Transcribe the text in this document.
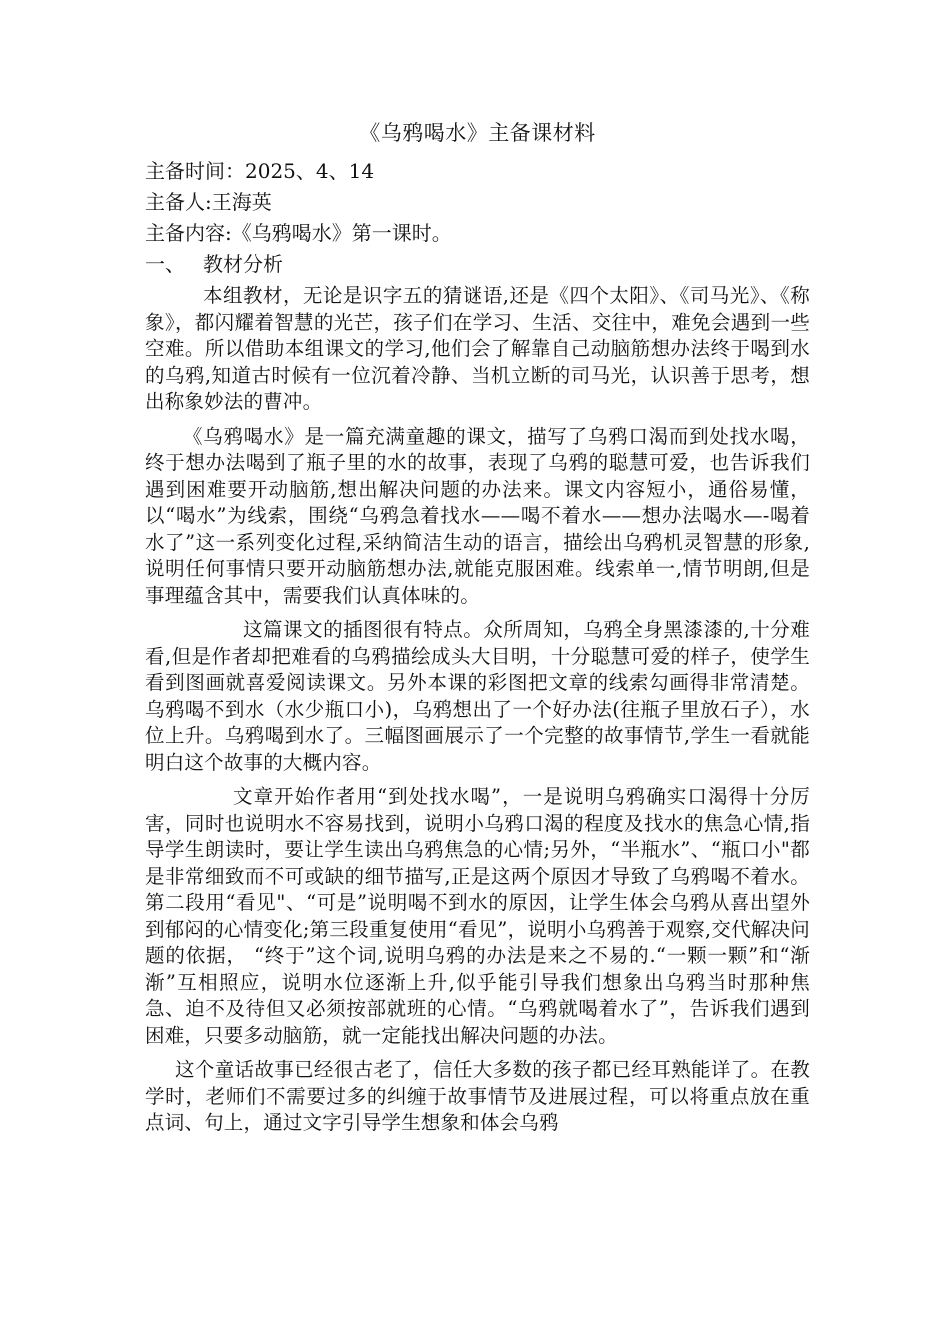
《乌鸦喝水》主备课材料
主备时间：2025、4、14
主备人:王海英
主备内容:《乌鸦喝水》第一课时。
一、 教材分析

本组教材，无论是识字五的猜谜语,还是《四个太阳》、《司马光》、《称象》，都闪耀着智慧的光芒，孩子们在学习、生活、交往中，难免会遇到一些空难。所以借助本组课文的学习,他们会了解靠自己动脑筋想办法终于喝到水的乌鸦,知道古时候有一位沉着冷静、当机立断的司马光，认识善于思考，想出称象妙法的曹冲。

《乌鸦喝水》是一篇充满童趣的课文，描写了乌鸦口渴而到处找水喝，终于想办法喝到了瓶子里的水的故事，表现了乌鸦的聪慧可爱，也告诉我们遇到困难要开动脑筋,想出解决问题的办法来。课文内容短小，通俗易懂，以“喝水”为线索，围绕“乌鸦急着找水——喝不着水——想办法喝水—-喝着水了”这一系列变化过程,采纳简洁生动的语言，描绘出乌鸦机灵智慧的形象,说明任何事情只要开动脑筋想办法,就能克服困难。线索单一,情节明朗,但是事理蕴含其中，需要我们认真体味的。

这篇课文的插图很有特点。众所周知，乌鸦全身黑漆漆的,十分难看,但是作者却把难看的乌鸦描绘成头大目明，十分聪慧可爱的样子，使学生看到图画就喜爱阅读课文。另外本课的彩图把文章的线索勾画得非常清楚。乌鸦喝不到水（水少瓶口小)，乌鸦想出了一个好办法(往瓶子里放石子），水位上升。乌鸦喝到水了。三幅图画展示了一个完整的故事情节,学生一看就能明白这个故事的大概内容。

文章开始作者用“到处找水喝”，一是说明乌鸦确实口渴得十分厉害，同时也说明水不容易找到，说明小乌鸦口渴的程度及找水的焦急心情,指导学生朗读时，要让学生读出乌鸦焦急的心情;另外，“半瓶水”、“瓶口小"都是非常细致而不可或缺的细节描写,正是这两个原因才导致了乌鸦喝不着水。第二段用“看见"、“可是”说明喝不到水的原因，让学生体会乌鸦从喜出望外到郁闷的心情变化;第三段重复使用“看见”，说明小乌鸦善于观察,交代解决问题的依据， “终于”这个词,说明乌鸦的办法是来之不易的.“一颗一颗”和“渐渐”互相照应，说明水位逐渐上升,似乎能引导我们想象出乌鸦当时那种焦急、迫不及待但又必须按部就班的心情。“乌鸦就喝着水了”，告诉我们遇到困难，只要多动脑筋，就一定能找出解决问题的办法。

这个童话故事已经很古老了，信任大多数的孩子都已经耳熟能详了。在教学时，老师们不需要过多的纠缠于故事情节及进展过程，可以将重点放在重点词、句上，通过文字引导学生想象和体会乌鸦
